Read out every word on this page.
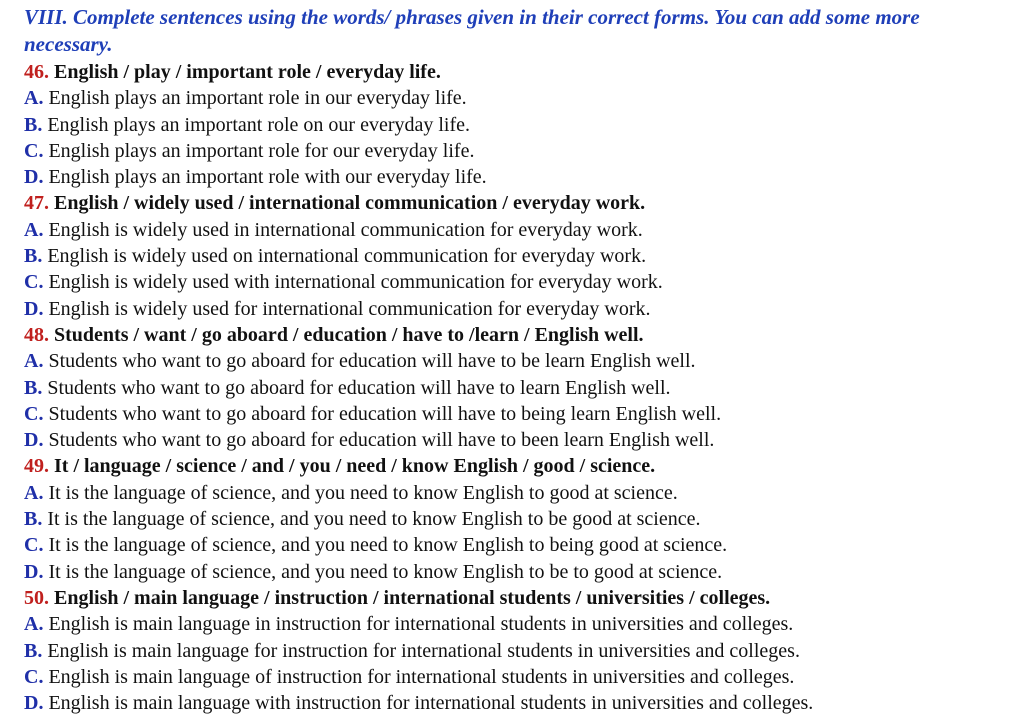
VIII. Complete sentences using the words/ phrases given in their correct forms. You can add some more necessary.
46. English / play / important role / everyday life.
A. English plays an important role in our everyday life.
B. English plays an important role on our everyday life.
C. English plays an important role for our everyday life.
D. English plays an important role with our everyday life.
47. English / widely used / international communication / everyday work.
A. English is widely used in international communication for everyday work.
B. English is widely used on international communication for everyday work.
C. English is widely used with international communication for everyday work.
D. English is widely used for international communication for everyday work.
48. Students / want / go aboard / education / have to /learn / English well.
A. Students who want to go aboard for education will have to be learn English well.
B. Students who want to go aboard for education will have to learn English well.
C. Students who want to go aboard for education will have to being learn English well.
D. Students who want to go aboard for education will have to been learn English well.
49. It / language / science / and / you / need / know English / good / science.
A. It is the language of science, and you need to know English to good at science.
B. It is the language of science, and you need to know English to be good at science.
C. It is the language of science, and you need to know English to being good at science.
D. It is the language of science, and you need to know English to be to good at science.
50. English / main language / instruction / international students / universities / colleges.
A. English is main language in instruction for international students in universities and colleges.
B. English is main language for instruction for international students in universities and colleges.
C. English is main language of instruction for international students in universities and colleges.
D. English is main language with instruction for international students in universities and colleges.
